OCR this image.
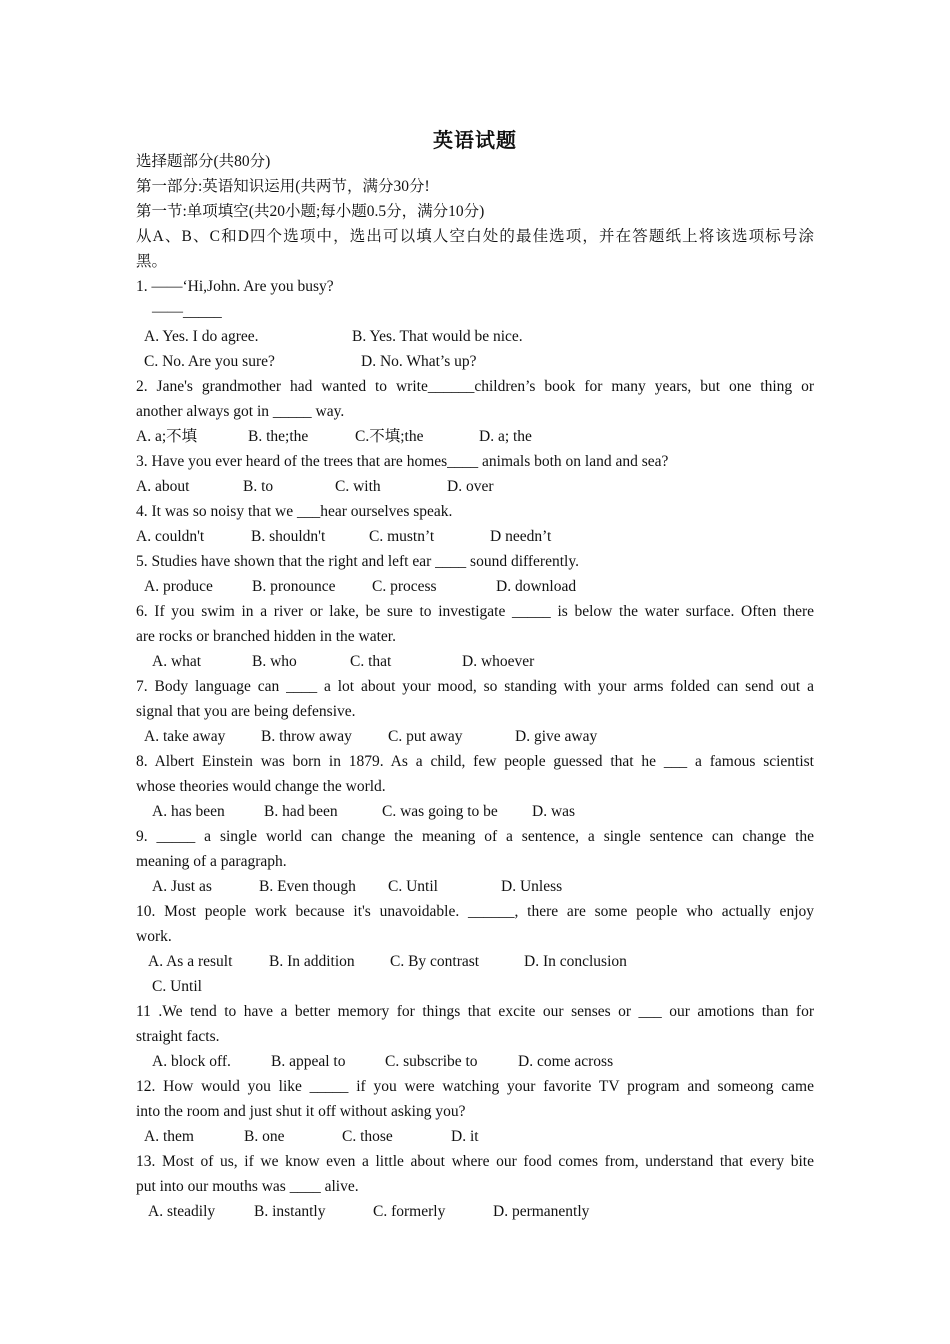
英语试题
选择题部分(共80分)
第一部分:英语知识运用(共两节，满分30分!
第一节:单项填空(共20小题;每小题0.5分，满分10分)
从A、B、C和D四个选项中，选出可以填人空白处的最佳选项，并在答题纸上将该选项标号涂
黑。
1. ——‘Hi,John. Are you busy?
——_____
A. Yes. I do agree.	B. Yes. That would be nice.
C. No. Are you sure?	D. No. What’s up?
2. Jane's grandmother had wanted to write______children’s book for many years, but one thing or
another always got in _____ way.
A. a;不填	B. the;the	C.不填;the	D. a; the
3. Have you ever heard of the trees that are homes____ animals both on land and sea?
A. about	B. to	C. with	D. over
4. It was so noisy that we ___hear ourselves speak.
A. couldn't	B. shouldn't	C. mustn’t	D needn’t
5. Studies have shown that the right and left ear ____ sound differently.
A. produce	B. pronounce C. process	D. download
6. If you swim in a river or lake, be sure to investigate _____ is below the water surface. Often there
are rocks or branched hidden in the water.
A. what	B. who	C. that	D. whoever
7. Body language can ____ a lot about your mood, so standing with your arms folded can send out a
signal that you are being defensive.
A. take away B. throw away C. put away	D. give away
8. Albert Einstein was born in 1879. As a child, few people guessed that he ___ a famous scientist
whose theories would change the world.
A. has been	B. had been	C. was going to be D. was
9. _____ a single world can change the meaning of a sentence, a single sentence can change the
meaning of a paragraph.
A. Just as	B. Even though C. Until	D. Unless
10. Most people work because it's unavoidable. ______, there are some people who actually enjoy
work.
A. As a result B. In addition C. By contrast	D. In conclusion
C. Until
11 .We tend to have a better memory for things that excite our senses or ___ our amotions than for
straight facts.
A. block off.	B. appeal to	C. subscribe to	D. come across
12. How would you like _____ if you were watching your favorite TV program and someong came
into the room and just shut it off without asking you?
A. them	B. one	C. those	D. it
13. Most of us, if we know even a little about where our food comes from, understand that every bite
put into our mouths was ____ alive.
A. steadily	B. instantly	C. formerly	D. permanently
